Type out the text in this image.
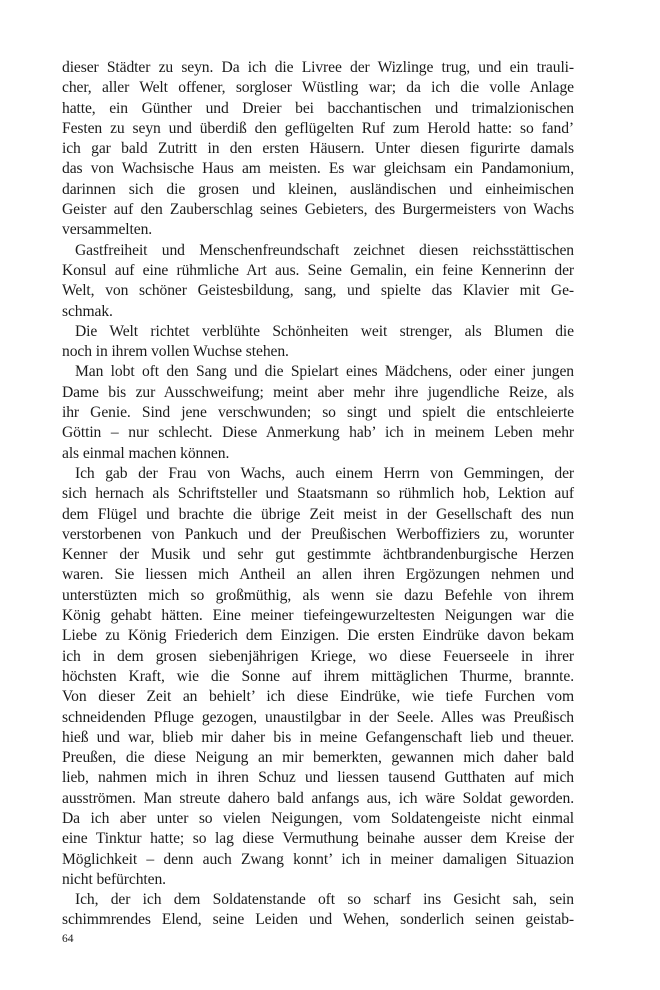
dieser Städter zu seyn. Da ich die Livree der Wizlinge trug, und ein trauli-
cher, aller Welt offener, sorgloser Wüstling war; da ich die volle Anlage
hatte, ein Günther und Dreier bei bacchantischen und trimalzionischen
Festen zu seyn und überdiß den geflügelten Ruf zum Herold hatte: so fand’
ich gar bald Zutritt in den ersten Häusern. Unter diesen figurirte damals
das von Wachsische Haus am meisten. Es war gleichsam ein Pandamonium,
darinnen sich die grosen und kleinen, ausländischen und einheimischen
Geister auf den Zauberschlag seines Gebieters, des Burgermeisters von Wachs
versammelten.
Gastfreiheit und Menschenfreundschaft zeichnet diesen reichsstättischen
Konsul auf eine rühmliche Art aus. Seine Gemalin, ein feine Kennerinn der
Welt, von schöner Geistesbildung, sang, und spielte das Klavier mit Ge-
schmak.
Die Welt richtet verblühte Schönheiten weit strenger, als Blumen die
noch in ihrem vollen Wuchse stehen.
Man lobt oft den Sang und die Spielart eines Mädchens, oder einer jungen
Dame bis zur Ausschweifung; meint aber mehr ihre jugendliche Reize, als
ihr Genie. Sind jene verschwunden; so singt und spielt die entschleierte
Göttin – nur schlecht. Diese Anmerkung hab’ ich in meinem Leben mehr
als einmal machen können.
Ich gab der Frau von Wachs, auch einem Herrn von Gemmingen, der
sich hernach als Schriftsteller und Staatsmann so rühmlich hob, Lektion auf
dem Flügel und brachte die übrige Zeit meist in der Gesellschaft des nun
verstorbenen von Pankuch und der Preußischen Werboffiziers zu, worunter
Kenner der Musik und sehr gut gestimmte ächtbrandenburgische Herzen
waren. Sie liessen mich Antheil an allen ihren Ergözungen nehmen und
unterstüzten mich so großmüthig, als wenn sie dazu Befehle von ihrem
König gehabt hätten. Eine meiner tiefeingewurzeltesten Neigungen war die
Liebe zu König Friederich dem Einzigen. Die ersten Eindrüke davon bekam
ich in dem grosen siebenjährigen Kriege, wo diese Feuerseele in ihrer
höchsten Kraft, wie die Sonne auf ihrem mittäglichen Thurme, brannte.
Von dieser Zeit an behielt’ ich diese Eindrüke, wie tiefe Furchen vom
schneidenden Pfluge gezogen, unaustilgbar in der Seele. Alles was Preußisch
hieß und war, blieb mir daher bis in meine Gefangenschaft lieb und theuer.
Preußen, die diese Neigung an mir bemerkten, gewannen mich daher bald
lieb, nahmen mich in ihren Schuz und liessen tausend Gutthaten auf mich
ausströmen. Man streute dahero bald anfangs aus, ich wäre Soldat geworden.
Da ich aber unter so vielen Neigungen, vom Soldatengeiste nicht einmal
eine Tinktur hatte; so lag diese Vermuthung beinahe ausser dem Kreise der
Möglichkeit – denn auch Zwang konnt’ ich in meiner damaligen Situazion
nicht befürchten.
Ich, der ich dem Soldatenstande oft so scharf ins Gesicht sah, sein
schimmrendes Elend, seine Leiden und Wehen, sonderlich seinen geistab-
64
